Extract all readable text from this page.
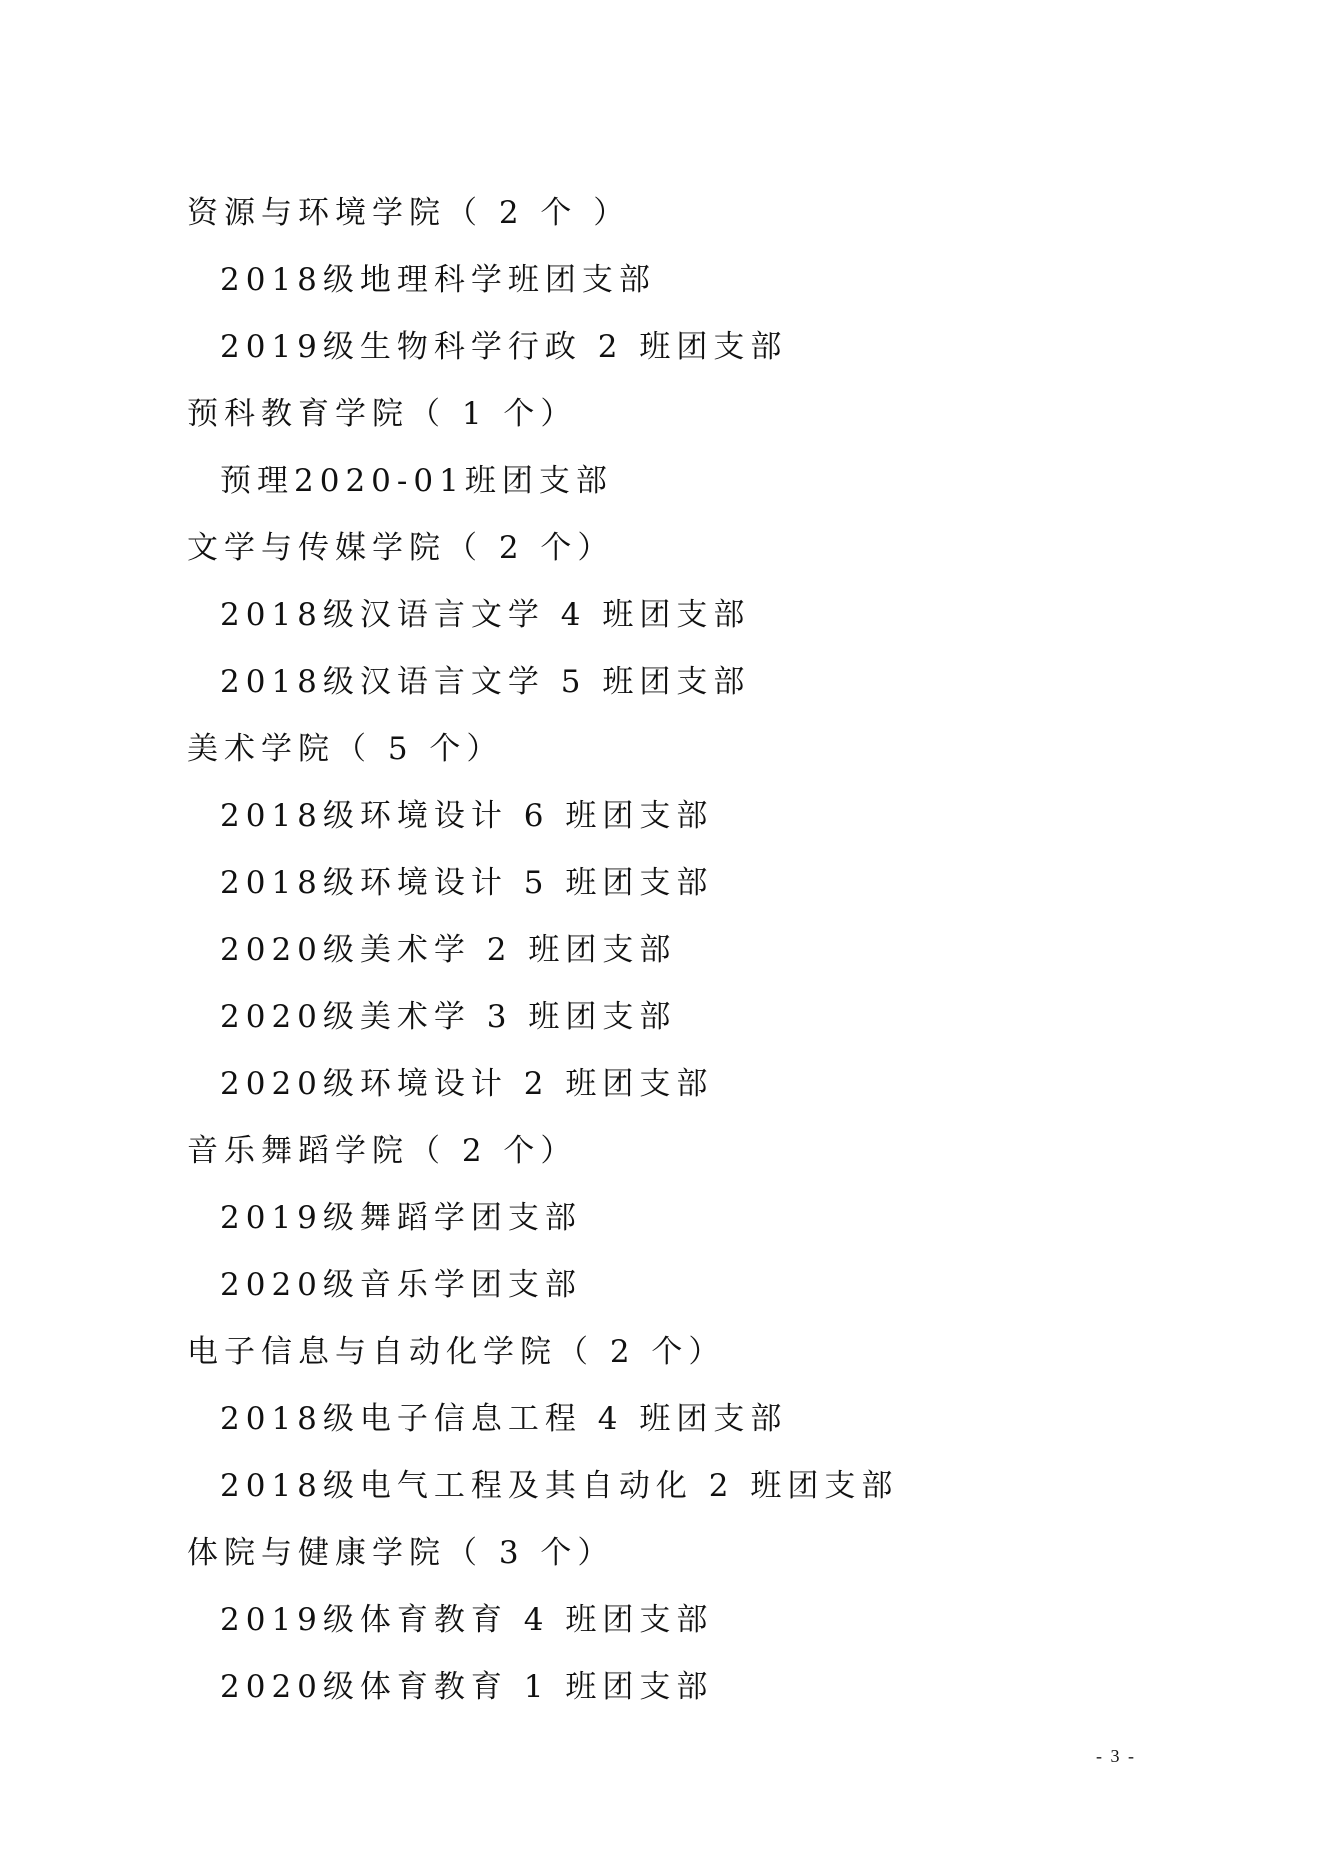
资源与环境学院（ 2 个 ）
2018级地理科学班团支部
2019级生物科学行政 2 班团支部
预科教育学院（ 1 个）
预理2020-01班团支部
文学与传媒学院（ 2 个）
2018级汉语言文学 4 班团支部
2018级汉语言文学 5 班团支部
美术学院（ 5 个）
2018级环境设计 6 班团支部
2018级环境设计 5 班团支部
2020级美术学 2 班团支部
2020级美术学 3 班团支部
2020级环境设计 2 班团支部
音乐舞蹈学院（ 2 个）
2019级舞蹈学团支部
2020级音乐学团支部
电子信息与自动化学院（ 2 个）
2018级电子信息工程 4 班团支部
2018级电气工程及其自动化 2 班团支部
体院与健康学院（ 3 个）
2019级体育教育 4 班团支部
2020级体育教育 1 班团支部
- 3 -
